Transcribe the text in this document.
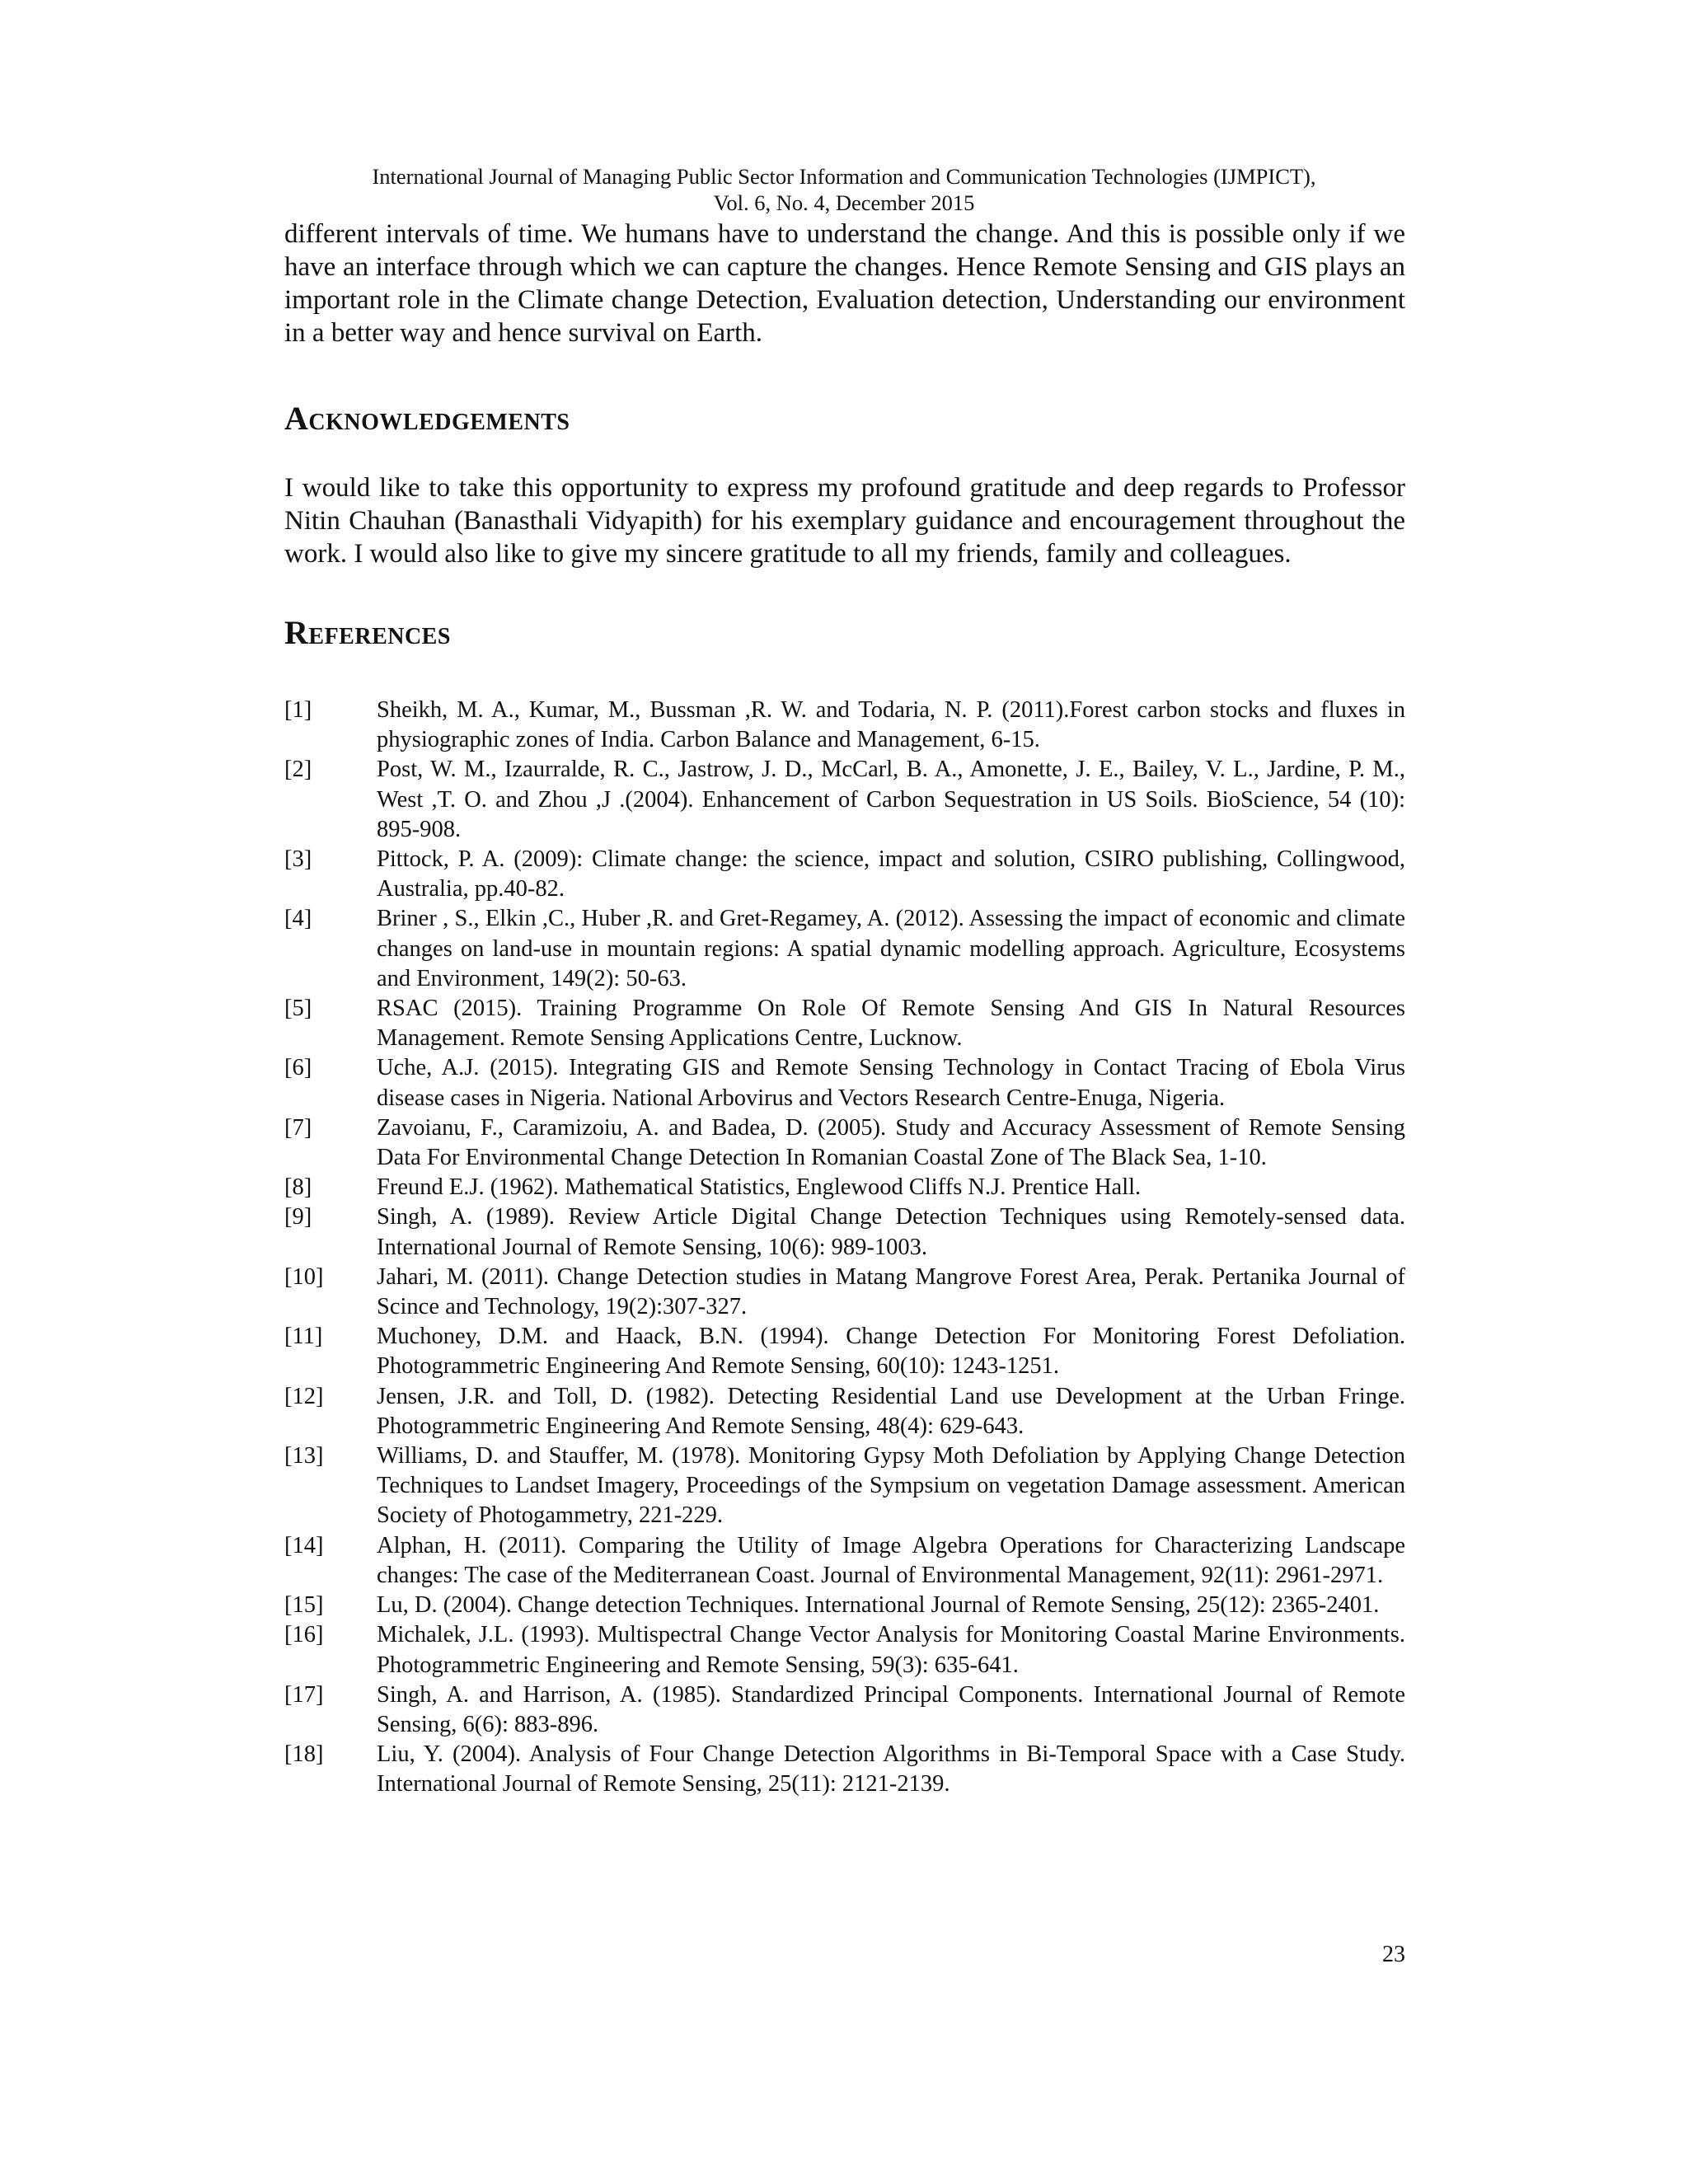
International Journal of Managing Public Sector Information and Communication Technologies (IJMPICT),
Vol. 6, No. 4, December 2015

different intervals of time. We humans have to understand the change. And this is possible only if we have an interface through which we can capture the changes. Hence Remote Sensing and GIS plays an important role in the Climate change Detection, Evaluation detection, Understanding our environment in a better way and hence survival on Earth.

Acknowledgements

I would like to take this opportunity to express my profound gratitude and deep regards to Professor Nitin Chauhan (Banasthali Vidyapith) for his exemplary guidance and encouragement throughout the work. I would also like to give my sincere gratitude to all my friends, family and colleagues.

References
[1]	Sheikh, M. A., Kumar, M., Bussman ,R. W. and Todaria, N. P. (2011).Forest carbon stocks and fluxes in physiographic zones of India. Carbon Balance and Management, 6-15.
[2]	Post, W. M., Izaurralde, R. C., Jastrow, J. D., McCarl, B. A., Amonette, J. E., Bailey, V. L., Jardine, P. M., West ,T. O. and Zhou ,J .(2004). Enhancement of Carbon Sequestration in US Soils. BioScience, 54 (10): 895-908.
[3]	Pittock, P. A. (2009): Climate change: the science, impact and solution, CSIRO publishing, Collingwood, Australia, pp.40-82.
[4]	Briner , S., Elkin ,C., Huber ,R. and Gret-Regamey, A. (2012). Assessing the impact of economic and climate changes on land-use in mountain regions: A spatial dynamic modelling approach. Agriculture, Ecosystems and Environment, 149(2): 50-63.
[5]	RSAC (2015). Training Programme On Role Of Remote Sensing And GIS In Natural Resources Management. Remote Sensing Applications Centre, Lucknow.
[6]	Uche, A.J. (2015). Integrating GIS and Remote Sensing Technology in Contact Tracing of Ebola Virus disease cases in Nigeria. National Arbovirus and Vectors Research Centre-Enuga, Nigeria.
[7]	Zavoianu, F., Caramizoiu, A. and Badea, D. (2005). Study and Accuracy Assessment of Remote Sensing Data For Environmental Change Detection In Romanian Coastal Zone of The Black Sea, 1-10.
[8]	Freund E.J. (1962). Mathematical Statistics, Englewood Cliffs N.J. Prentice Hall.
[9]	Singh, A. (1989). Review Article Digital Change Detection Techniques using Remotely-sensed data. International Journal of Remote Sensing, 10(6): 989-1003.
[10]	Jahari, M. (2011). Change Detection studies in Matang Mangrove Forest Area, Perak. Pertanika Journal of Scince and Technology, 19(2):307-327.
[11]	Muchoney, D.M. and Haack, B.N. (1994). Change Detection For Monitoring Forest Defoliation. Photogrammetric Engineering And Remote Sensing, 60(10): 1243-1251.
[12]	Jensen, J.R. and Toll, D. (1982). Detecting Residential Land use Development at the Urban Fringe. Photogrammetric Engineering And Remote Sensing, 48(4): 629-643.
[13]	Williams, D. and Stauffer, M. (1978). Monitoring Gypsy Moth Defoliation by Applying Change Detection Techniques to Landset Imagery, Proceedings of the Sympsium on vegetation Damage assessment. American Society of Photogammetry, 221-229.
[14]	Alphan, H. (2011). Comparing the Utility of Image Algebra Operations for Characterizing Landscape changes: The case of the Mediterranean Coast. Journal of Environmental Management, 92(11): 2961-2971.
[15]	Lu, D. (2004). Change detection Techniques. International Journal of Remote Sensing, 25(12): 2365-2401.
[16]	Michalek, J.L. (1993). Multispectral Change Vector Analysis for Monitoring Coastal Marine Environments. Photogrammetric Engineering and Remote Sensing, 59(3): 635-641.
[17]	Singh, A. and Harrison, A. (1985). Standardized Principal Components. International Journal of Remote Sensing, 6(6): 883-896.
[18]	Liu, Y. (2004). Analysis of Four Change Detection Algorithms in Bi-Temporal Space with a Case Study. International Journal of Remote Sensing, 25(11): 2121-2139.
23
